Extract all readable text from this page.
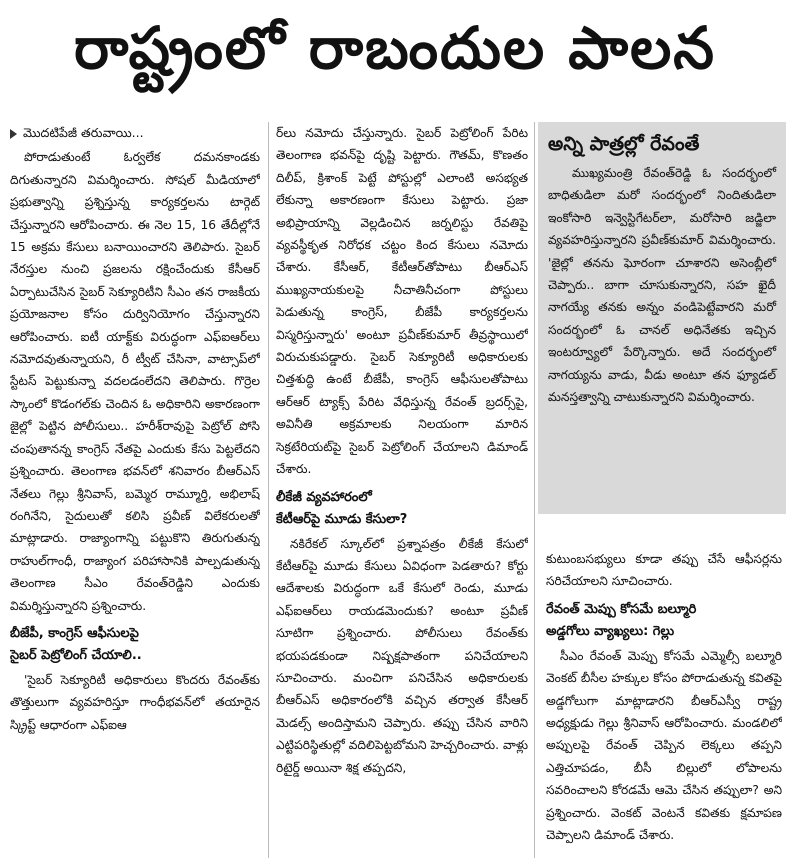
రాష్ట్రంలో రాబందుల పాలన
మొదటిపేజీ తరువాయి...

పోరాడుతుంటే ఓర్వలేక దమనకాండకు దిగుతున్నారని విమర్శించారు. సోషల్ మీడియాలో ప్రభుత్వాన్ని ప్రశ్నిస్తున్న కార్యకర్తలను టార్గెట్ చేస్తున్నారని ఆరోపించారు. ఈ నెల 15, 16 తేదీల్లోనే 15 అక్రమ కేసులు బనాయించారని తెలిపారు. సైబర్ నేరస్తుల నుంచి ప్రజలను రక్షించేందుకు కేసీఆర్ ఏర్పాటుచేసిన సైబర్ సెక్యూరిటీని సీఎం తన రాజకీయ ప్రయోజనాల కోసం దుర్వినియోగం చేస్తున్నారని ఆరోపించారు. ఐటీ యాక్ట్‌కు విరుద్ధంగా ఎఫ్‌ఐఆర్‌లు నమోదవుతున్నాయని, రీ ట్వీట్ చేసినా, వాట్సాప్‌లో స్టేటస్ పెట్టుకున్నా వదలడంలేదని తెలిపారు. గొర్రెల స్కాంలో కొడంగల్‌కు చెందిన ఓ అధికారిని అకారణంగా జైల్లో పెట్టిన పోలీసులు.. హరీశ్‌రావుపై పెట్రోల్ పోసి చంపుతానన్న కాంగ్రెస్ నేతపై ఎందుకు కేసు పెట్టలేదని ప్రశ్నించారు. తెలంగాణ భవన్‌లో శనివారం బీఆర్ఎస్ నేతలు గెల్లు శ్రీనివాస్, బమ్మెర రామ్మూర్తి, అభిలాష్ రంగినేని, సైదులుతో కలిసి ప్రవీణ్ విలేకరులతో మాట్లాడారు. రాజ్యాంగాన్ని పట్టుకొని తిరుగుతున్న రాహుల్‌గాంధీ, రాజ్యాంగ పరిహాసానికి పాల్పడుతున్న తెలంగాణ సీఎం రేవంత్‌రెడ్డిని ఎందుకు విమర్శిస్తున్నారని ప్రశ్నించారు.

బీజేపీ, కాంగ్రెస్ ఆఫీసులపై
సైబర్ పెట్రోలింగ్ చేయాలి..

'సైబర్ సెక్యూరిటీ అధికారులు కొందరు రేవంత్‌కు తొత్తులుగా వ్యవహరిస్తూ గాంధీభవన్‌లో తయారైన స్క్రిప్ట్ ఆధారంగా ఎఫ్‌ఐఆ

ర్‌లు నమోదు చేస్తున్నారు. సైబర్ పెట్రోలింగ్ పేరిట తెలంగాణ భవన్‌పై దృష్టి పెట్టారు. గౌతమ్, కొణతం దిలీప్, క్రిశాంక్ పెట్టే పోస్టుల్లో ఎలాంటి అసభ్యత లేకున్నా అకారణంగా కేసులు పెట్టారు. ప్రజా అభిప్రాయాన్ని వెల్లడించిన జర్నలిస్టు రేవతిపై వ్యవస్థీకృత నిరోధక చట్టం కింద కేసులు నమోదు చేశారు. కేసీఆర్, కేటీఆర్‌తోపాటు బీఆర్ఎస్ ముఖ్యనాయకులపై నీచాతినీచంగా పోస్టులు పెడుతున్న కాంగ్రెస్, బీజేపీ కార్యకర్తలను విస్మరిస్తున్నారు' అంటూ ప్రవీణ్‌కుమార్ తీవ్రస్థాయిలో విరుచుకుపడ్డారు. సైబర్ సెక్యూరిటీ అధికారులకు చిత్తశుద్ధి ఉంటే బీజేపీ, కాంగ్రెస్ ఆఫీసులతోపాటు ఆర్ఆర్ ట్యాక్స్ పేరిట వేధిస్తున్న రేవంత్ బ్రదర్స్‌పై, అవినీతి అక్రమాలకు నిలయంగా మారిన సెక్రటేరియట్‌పై సైబర్ పెట్రోలింగ్ చేయాలని డిమాండ్ చేశారు.

లీకేజీ వ్యవహారంలో
కేటీఆర్‌పై మూడు కేసులా?

నకిరేకల్ స్కూల్‌లో ప్రశ్నాపత్రం లీకేజీ కేసులో కేటీఆర్‌పై మూడు కేసులు ఏవిధంగా పెడతారు? కోర్టు ఆదేశాలకు విరుద్ధంగా ఒకే కేసులో రెండు, మూడు ఎఫ్‌ఐఆర్‌లు రాయడమెందుకు? అంటూ ప్రవీణ్ సూటిగా ప్రశ్నించారు. పోలీసులు రేవంత్‌కు భయపడకుండా నిష్పక్షపాతంగా పనిచేయాలని సూచించారు. మంచిగా పనిచేసిన అధికారులకు బీఆర్ఎస్ అధికారంలోకి వచ్చిన తర్వాత కేసీఆర్ మెడల్స్ అందిస్తామని చెప్పారు. తప్పు చేసిన వారిని ఎట్టిపరిస్థితుల్లో వదిలిపెట్టబోమని హెచ్చరించారు. వాళ్లు రిటైర్డ్ అయినా శిక్ష తప్పదని,

అన్ని పాత్రల్లో రేవంతే

ముఖ్యమంత్రి రేవంత్‌రెడ్డి ఓ సందర్భంలో బాధితుడిలా మరో సందర్భంలో నిందితుడిలా ఇంకోసారి ఇన్వెస్టిగేటర్‌లా, మరోసారి జడ్జిలా వ్యవహరిస్తున్నారని ప్రవీణ్‌కుమార్ విమర్శించారు. 'జైల్లో తనను ఘోరంగా చూశారని అసెంబ్లీలో చెప్పారు.. బాగా చూసుకున్నారని, సహ ఖైదీ నాగయ్యే తనకు అన్నం వండిపెట్టేవారని మరో సందర్భంలో ఓ చానల్ అధినేతకు ఇచ్చిన ఇంటర్వ్యూలో పేర్కొన్నారు. అదే సందర్భంలో నాగయ్యను వాడు, వీడు అంటూ తన ఫ్యూడల్ మనస్తత్వాన్ని చాటుకున్నారని విమర్శించారు.

కుటుంబసభ్యులు కూడా తప్పు చేసే ఆఫీసర్లను సరిచేయాలని సూచించారు.

రేవంత్ మెప్పు కోసమే బల్మూరి
అడ్డగోలు వ్యాఖ్యలు: గెల్లు

సీఎం రేవంత్ మెప్పు కోసమే ఎమ్మెల్సీ బల్మూరి వెంకట్ బీసీల హక్కుల కోసం పోరాడుతున్న కవితపై అడ్డగోలుగా మాట్లాడారని బీఆర్ఎస్వీ రాష్ట్ర అధ్యక్షుడు గెల్లు శ్రీనివాస్ ఆరోపించారు. మండలిలో అప్పులపై రేవంత్ చెప్పిన లెక్కలు తప్పని ఎత్తిచూపడం, బీసీ బిల్లులో లోపాలను సవరించాలని కోరడమే ఆమె చేసిన తప్పులా? అని ప్రశ్నించారు. వెంకట్ వెంటనే కవితకు క్షమాపణ చెప్పాలని డిమాండ్ చేశారు.
